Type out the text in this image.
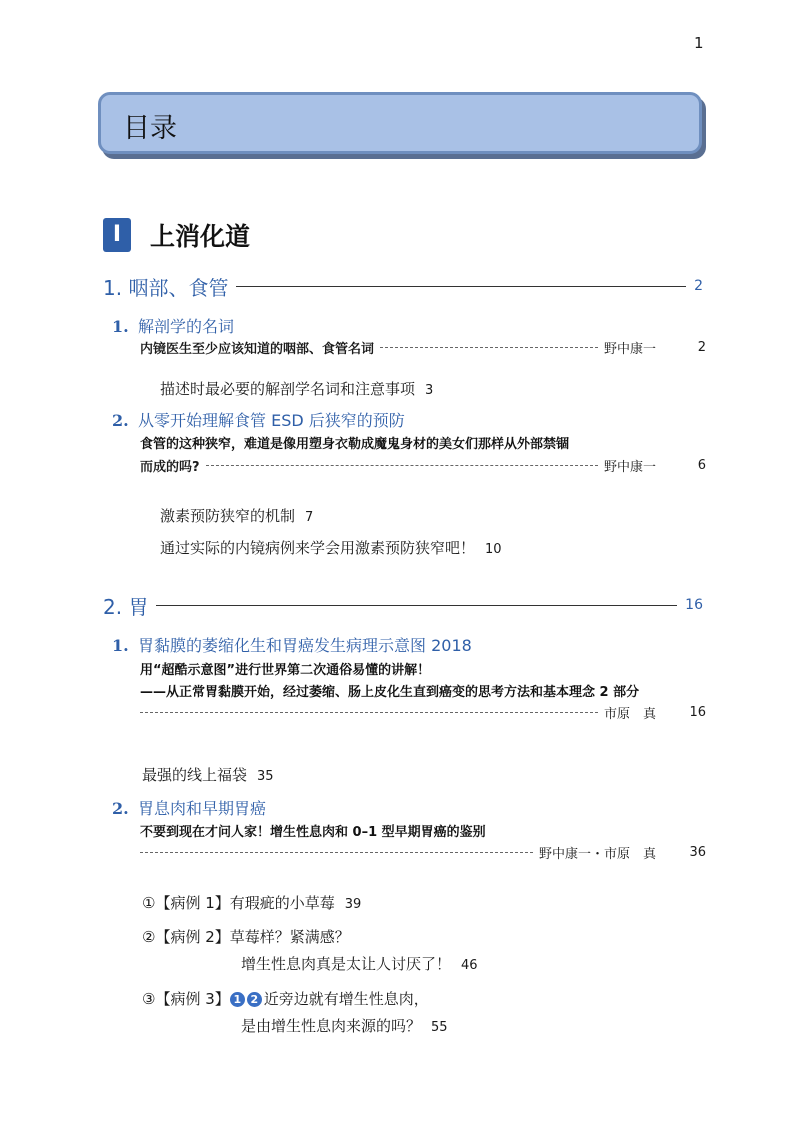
1
目录
I	上消化道
1. 咽部、食管	2
1. 解剖学的名词
内镜医生至少应该知道的咽部、食管名词	野中康一	2
描述时最必要的解剖学名词和注意事项 3
2. 从零开始理解食管 ESD 后狭窄的预防
食管的这种狭窄，难道是像用塑身衣勒成魔鬼身材的美女们那样从外部禁锢
而成的吗?	野中康一	6
激素预防狭窄的机制 7
通过实际的内镜病例来学会用激素预防狭窄吧！ 10
2. 胃	16
1. 胃黏膜的萎缩化生和胃癌发生病理示意图 2018
用“超酷示意图”进行世界第二次通俗易懂的讲解！
——从正常胃黏膜开始，经过萎缩、肠上皮化生直到癌变的思考方法和基本理念 2 部分
市原　真	16
最强的线上福袋 35
2. 胃息肉和早期胃癌
不要到现在才问人家！增生性息肉和 0–1 型早期胃癌的鉴别
野中康一・市原　真	36
①【病例 1】有瑕疵的小草莓 39
②【病例 2】草莓样？紧满感？
增生性息肉真是太让人讨厌了！ 46
③【病例 3】 1 2 近旁边就有增生性息肉，
是由增生性息肉来源的吗？ 55
